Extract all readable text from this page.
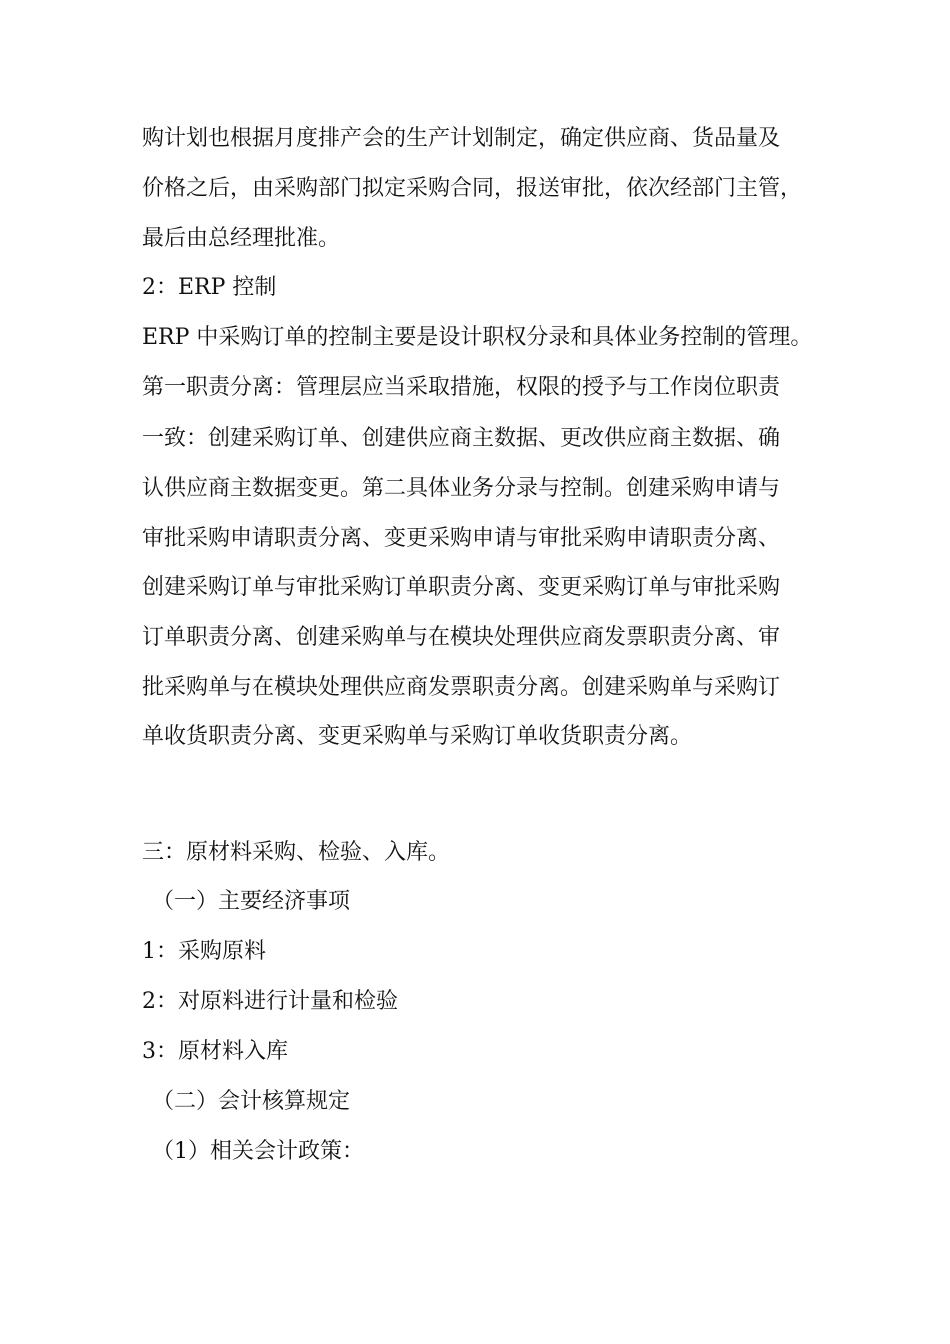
购计划也根据月度排产会的生产计划制定，确定供应商、货品量及
价格之后，由采购部门拟定采购合同，报送审批，依次经部门主管，
最后由总经理批准。
2：ERP 控制
ERP 中采购订单的控制主要是设计职权分录和具体业务控制的管理。
第一职责分离：管理层应当采取措施，权限的授予与工作岗位职责
一致：创建采购订单、创建供应商主数据、更改供应商主数据、确
认供应商主数据变更。第二具体业务分录与控制。创建采购申请与
审批采购申请职责分离、变更采购申请与审批采购申请职责分离、
创建采购订单与审批采购订单职责分离、变更采购订单与审批采购
订单职责分离、创建采购单与在模块处理供应商发票职责分离、审
批采购单与在模块处理供应商发票职责分离。创建采购单与采购订
单收货职责分离、变更采购单与采购订单收货职责分离。
三：原材料采购、检验、入库。
（一）主要经济事项
1：采购原料
2：对原料进行计量和检验
3：原材料入库
（二）会计核算规定
（1）相关会计政策：
